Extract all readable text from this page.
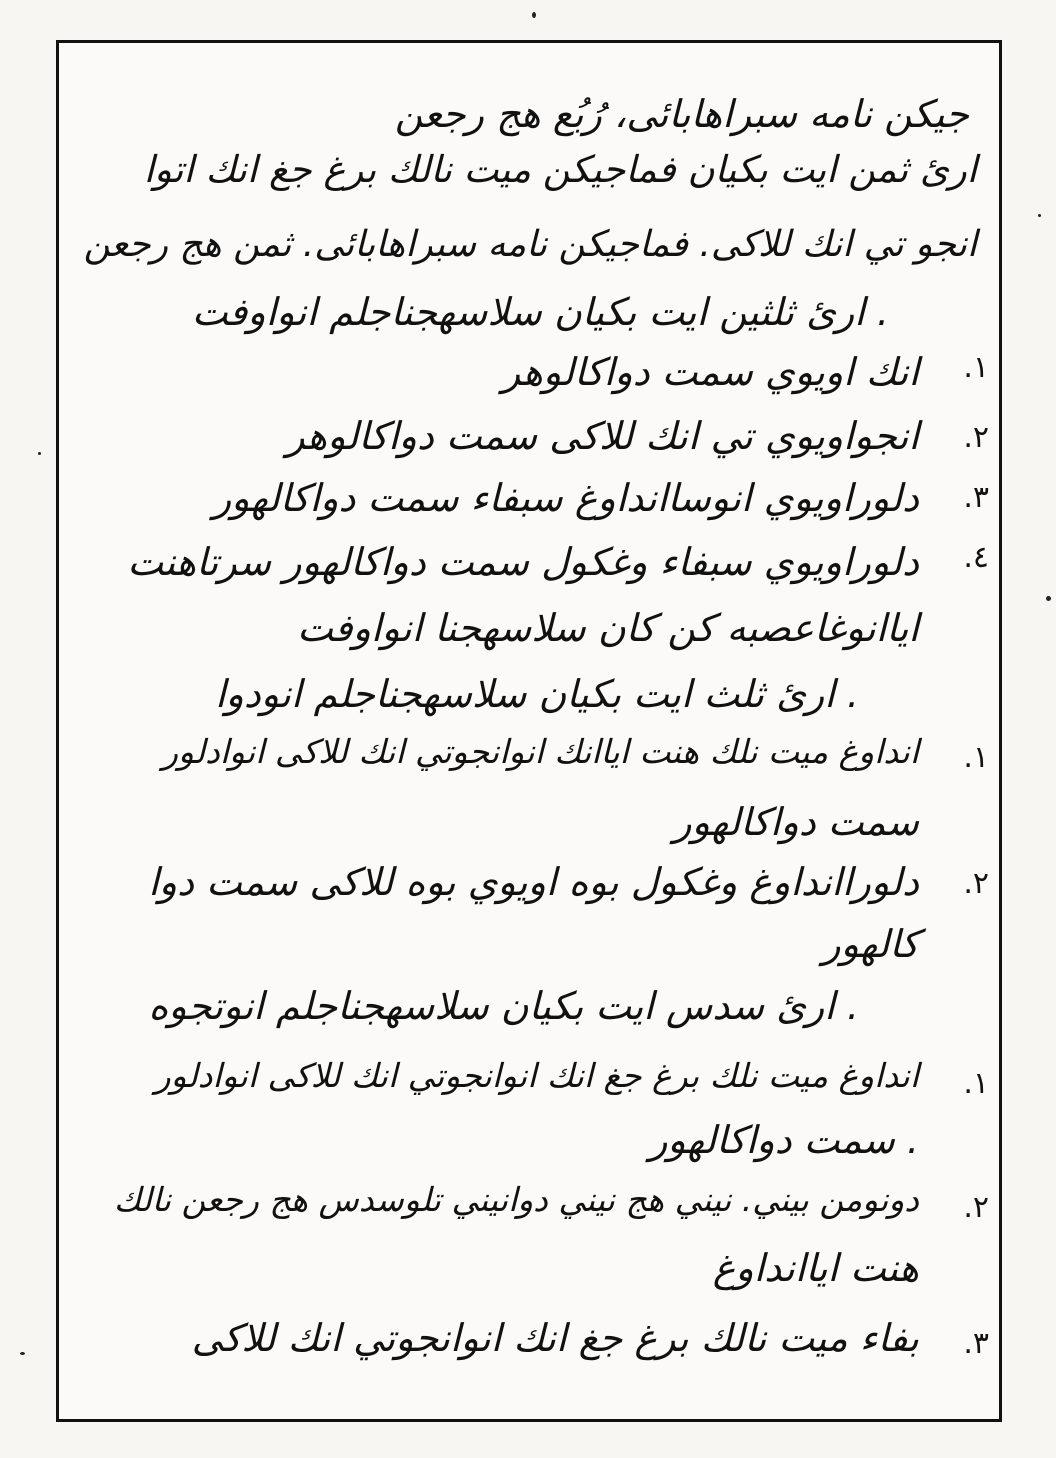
جيكن نامه سبراهابائى، رُبُع هج رجعن
ارئ ثمن ايت بكيان فماجيكن ميت نالك برغ جغ انك اتوا
انجو تي انك للاكى. فماجيكن نامه سبراهابائى. ثمن هج رجعن
. ارئ ثلثين ايت بكيان سلاسهجناجلم انواوفت
١.
انك اويوي سمت دواكالوهر
٢.
انجواويوي تي انك للاكى سمت دواكالوهر
٣.
دلوراويوي انوساانداوغ سبفاء سمت دواكالهور
٤.
دلوراويوي سبفاء وغكول سمت دواكالهور سرتاهنت
اياانوغاعصبه كن كان سلاسهجنا انواوفت
. ارئ ثلث ايت بكيان سلاسهجناجلم انودوا
١.
انداوغ ميت نلك هنت اياانك انوانجوتي انك للاكى انوادلور
سمت دواكالهور
٢.
دلوراانداوغ وغكول بوه اويوي بوه للاكى سمت دوا
كالهور
. ارئ سدس ايت بكيان سلاسهجناجلم انوتجوه
١.
انداوغ ميت نلك برغ جغ انك انوانجوتي انك للاكى انوادلور
. سمت دواكالهور
٢.
دونومن بيني. نيني هج نيني دوانيني تلوسدس هج رجعن نالك
هنت اياانداوغ
٣.
بفاء ميت نالك برغ جغ انك انوانجوتي انك للاكى
